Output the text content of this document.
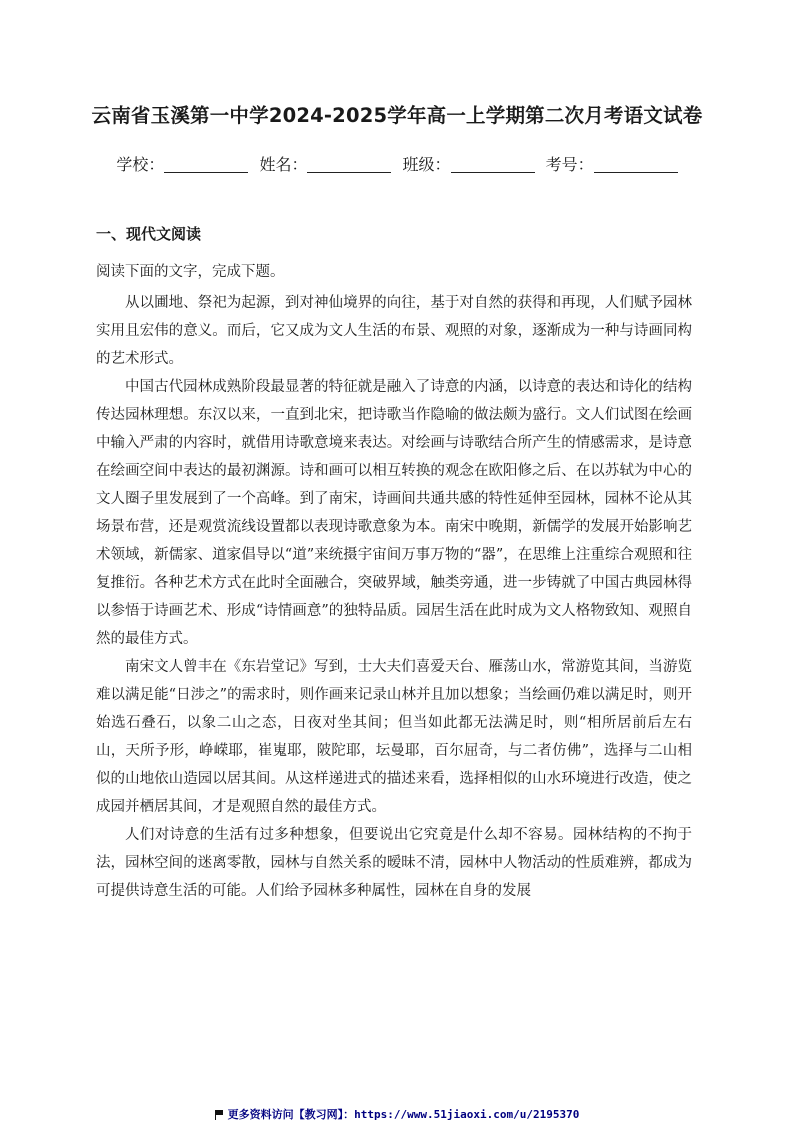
云南省玉溪第一中学2024-2025学年高一上学期第二次月考语文试卷
学校：	姓名：	班级：	考号：
一、现代文阅读
阅读下面的文字，完成下题。

从以圃地、祭祀为起源，到对神仙境界的向往，基于对自然的获得和再现，人们赋予园林实用且宏伟的意义。而后，它又成为文人生活的布景、观照的对象，逐渐成为一种与诗画同构的艺术形式。

中国古代园林成熟阶段最显著的特征就是融入了诗意的内涵，以诗意的表达和诗化的结构传达园林理想。东汉以来，一直到北宋，把诗歌当作隐喻的做法颇为盛行。文人们试图在绘画中输入严肃的内容时，就借用诗歌意境来表达。对绘画与诗歌结合所产生的情感需求，是诗意在绘画空间中表达的最初渊源。诗和画可以相互转换的观念在欧阳修之后、在以苏轼为中心的文人圈子里发展到了一个高峰。到了南宋，诗画间共通共感的特性延伸至园林，园林不论从其场景布营，还是观赏流线设置都以表现诗歌意象为本。南宋中晚期，新儒学的发展开始影响艺术领域，新儒家、道家倡导以“道”来统摄宇宙间万事万物的“器”，在思维上注重综合观照和往复推衍。各种艺术方式在此时全面融合，突破界域，触类旁通，进一步铸就了中国古典园林得以参悟于诗画艺术、形成“诗情画意”的独特品质。园居生活在此时成为文人格物致知、观照自然的最佳方式。

南宋文人曾丰在《东岩堂记》写到，士大夫们喜爱天台、雁荡山水，常游览其间，当游览难以满足能“日涉之”的需求时，则作画来记录山林并且加以想象；当绘画仍难以满足时，则开始选石叠石，以象二山之态，日夜对坐其间；但当如此都无法满足时，则“相所居前后左右山，天所予形，峥嵘耶，崔嵬耶，陂陀耶，坛曼耶，百尔屈奇，与二者仿佛”，选择与二山相似的山地依山造园以居其间。从这样递进式的描述来看，选择相似的山水环境进行改造，使之成园并栖居其间，才是观照自然的最佳方式。

人们对诗意的生活有过多种想象，但要说出它究竟是什么却不容易。园林结构的不拘于法，园林空间的迷离零散，园林与自然关系的暧昧不清，园林中人物活动的性质难辨，都成为可提供诗意生活的可能。人们给予园林多种属性，园林在自身的发展

更多资料访问【教习网】：https://www.51jiaoxi.com/u/2195370
